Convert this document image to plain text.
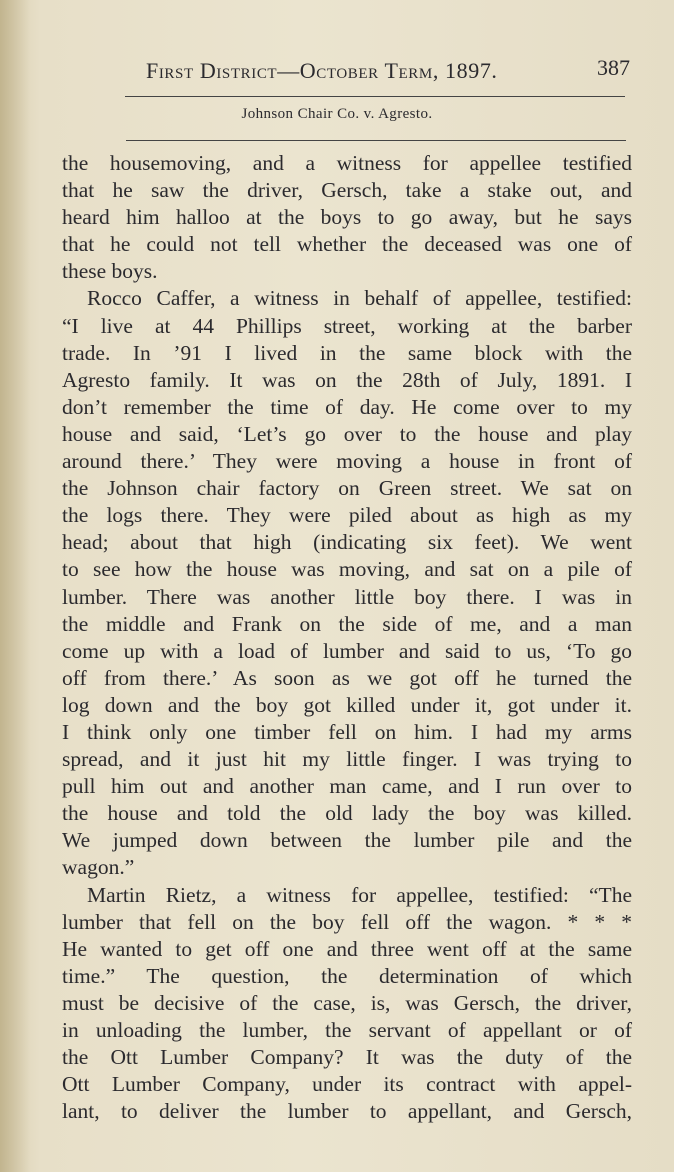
First District—October Term, 1897.	387
Johnson Chair Co. v. Agresto.
the housemoving, and a witness for appellee testified
that he saw the driver, Gersch, take a stake out, and
heard him halloo at the boys to go away, but he says
that he could not tell whether the deceased was one of
these boys.
Rocco Caffer, a witness in behalf of appellee, testified:
“I live at 44 Phillips street, working at the barber
trade. In ’91 I lived in the same block with the
Agresto family. It was on the 28th of July, 1891. I
don’t remember the time of day. He come over to my
house and said, ‘Let’s go over to the house and play
around there.’ They were moving a house in front of
the Johnson chair factory on Green street. We sat on
the logs there. They were piled about as high as my
head; about that high (indicating six feet). We went
to see how the house was moving, and sat on a pile of
lumber. There was another little boy there. I was in
the middle and Frank on the side of me, and a man
come up with a load of lumber and said to us, ‘To go
off from there.’ As soon as we got off he turned the
log down and the boy got killed under it, got under it.
I think only one timber fell on him. I had my arms
spread, and it just hit my little finger. I was trying to
pull him out and another man came, and I run over to
the house and told the old lady the boy was killed.
We jumped down between the lumber pile and the
wagon.”
Martin Rietz, a witness for appellee, testified: “The
lumber that fell on the boy fell off the wagon. * * *
He wanted to get off one and three went off at the same
time.” The question, the determination of which
must be decisive of the case, is, was Gersch, the driver,
in unloading the lumber, the servant of appellant or of
the Ott Lumber Company? It was the duty of the
Ott Lumber Company, under its contract with appel-
lant, to deliver the lumber to appellant, and Gersch,
